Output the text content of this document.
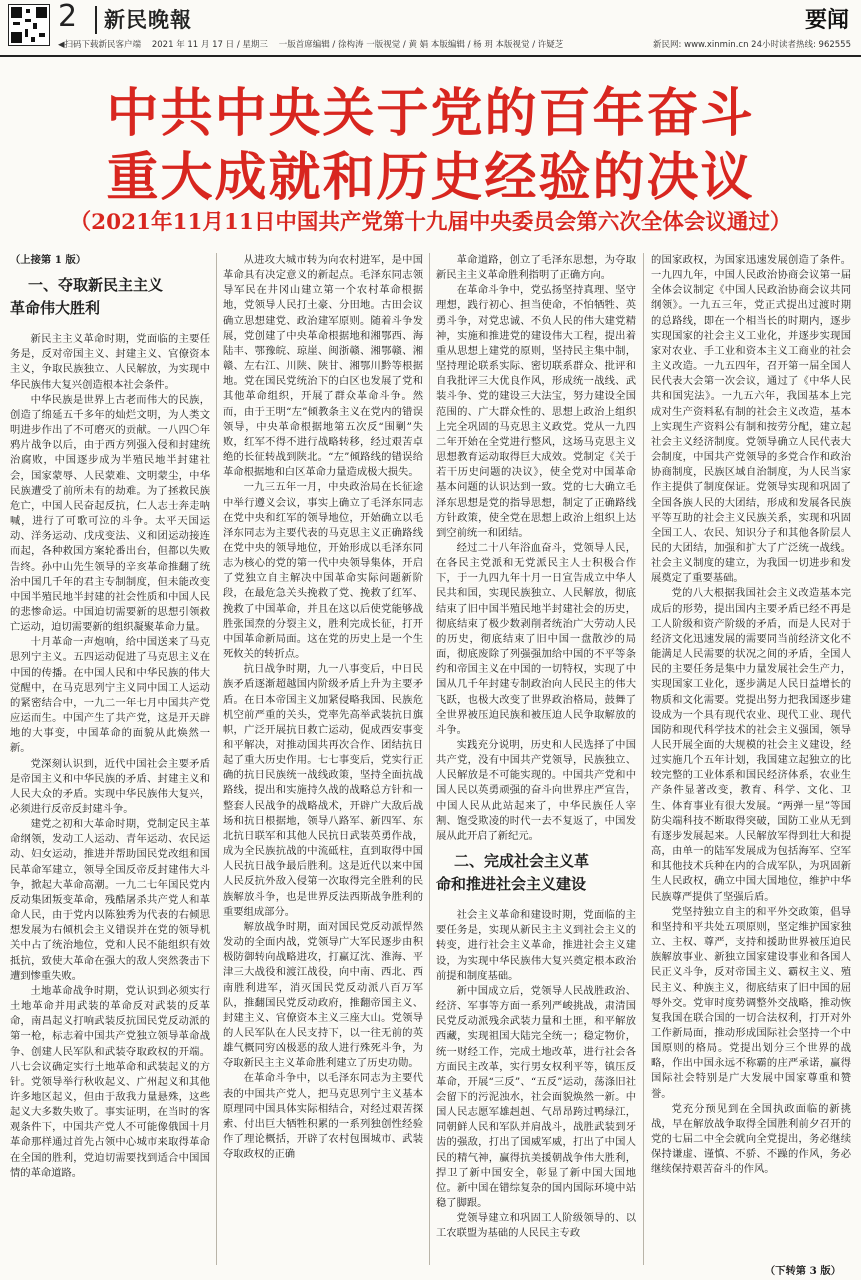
2 新民晚報	要闻
◀扫码下载新民客户端 2021 年 11 月 17 日 / 星期三 一版首席编辑 / 徐构涛 一版视觉 / 黄 娟 本版编辑 / 杨 玥 本版视觉 / 许疑芝	新民网: www.xinmin.cn 24小时读者热线: 962555
中共中央关于党的百年奋斗
重大成就和历史经验的决议
（2021年11月11日中国共产党第十九届中央委员会第六次全体会议通过）

（上接第 1 版）

一、夺取新民主主义
革命伟大胜利

新民主主义革命时期，党面临的主要任务是，反对帝国主义、封建主义、官僚资本主义，争取民族独立、人民解放，为实现中华民族伟大复兴创造根本社会条件。

中华民族是世界上古老而伟大的民族，创造了绵延五千多年的灿烂文明，为人类文明进步作出了不可磨灭的贡献。一八四〇年鸦片战争以后，由于西方列强入侵和封建统治腐败，中国逐步成为半殖民地半封建社会，国家蒙辱、人民蒙难、文明蒙尘，中华民族遭受了前所未有的劫难。为了拯救民族危亡，中国人民奋起反抗，仁人志士奔走呐喊，进行了可歌可泣的斗争。太平天国运动、洋务运动、戊戌变法、义和团运动接连而起，各种救国方案轮番出台，但都以失败告终。孙中山先生领导的辛亥革命推翻了统治中国几千年的君主专制制度，但未能改变中国半殖民地半封建的社会性质和中国人民的悲惨命运。中国迫切需要新的思想引领救亡运动，迫切需要新的组织凝聚革命力量。

十月革命一声炮响，给中国送来了马克思列宁主义。五四运动促进了马克思主义在中国的传播。在中国人民和中华民族的伟大觉醒中，在马克思列宁主义同中国工人运动的紧密结合中，一九二一年七月中国共产党应运而生。中国产生了共产党，这是开天辟地的大事变，中国革命的面貌从此焕然一新。

党深刻认识到，近代中国社会主要矛盾是帝国主义和中华民族的矛盾、封建主义和人民大众的矛盾。实现中华民族伟大复兴，必须进行反帝反封建斗争。

建党之初和大革命时期，党制定民主革命纲领，发动工人运动、青年运动、农民运动、妇女运动，推进并帮助国民党改组和国民革命军建立，领导全国反帝反封建伟大斗争，掀起大革命高潮。一九二七年国民党内反动集团叛变革命，残酷屠杀共产党人和革命人民，由于党内以陈独秀为代表的右倾思想发展为右倾机会主义错误并在党的领导机关中占了统治地位，党和人民不能组织有效抵抗，致使大革命在强大的敌人突然袭击下遭到惨重失败。

土地革命战争时期，党认识到必须实行土地革命并用武装的革命反对武装的反革命，南昌起义打响武装反抗国民党反动派的第一枪，标志着中国共产党独立领导革命战争、创建人民军队和武装夺取政权的开端。八七会议确定实行土地革命和武装起义的方针。党领导举行秋收起义、广州起义和其他许多地区起义，但由于敌我力量悬殊，这些起义大多数失败了。事实证明，在当时的客观条件下，中国共产党人不可能像俄国十月革命那样通过首先占领中心城市来取得革命在全国的胜利，党迫切需要找到适合中国国情的革命道路。

从进攻大城市转为向农村进军，是中国革命具有决定意义的新起点。毛泽东同志领导军民在井冈山建立第一个农村革命根据地，党领导人民打土豪、分田地。古田会议确立思想建党、政治建军原则。随着斗争发展，党创建了中央革命根据地和湘鄂西、海陆丰、鄂豫皖、琼崖、闽浙赣、湘鄂赣、湘赣、左右江、川陕、陕甘、湘鄂川黔等根据地。党在国民党统治下的白区也发展了党和其他革命组织，开展了群众革命斗争。然而，由于王明“左”倾教条主义在党内的错误领导，中央革命根据地第五次反“围剿”失败，红军不得不进行战略转移，经过艰苦卓绝的长征转战到陕北。“左”倾路线的错误给革命根据地和白区革命力量造成极大损失。

一九三五年一月，中央政治局在长征途中举行遵义会议，事实上确立了毛泽东同志在党中央和红军的领导地位，开始确立以毛泽东同志为主要代表的马克思主义正确路线在党中央的领导地位，开始形成以毛泽东同志为核心的党的第一代中央领导集体，开启了党独立自主解决中国革命实际问题新阶段，在最危急关头挽救了党、挽救了红军、挽救了中国革命，并且在这以后使党能够战胜张国焘的分裂主义，胜利完成长征，打开中国革命新局面。这在党的历史上是一个生死攸关的转折点。

抗日战争时期，九一八事变后，中日民族矛盾逐渐超越国内阶级矛盾上升为主要矛盾。在日本帝国主义加紧侵略我国、民族危机空前严重的关头，党率先高举武装抗日旗帜，广泛开展抗日救亡运动，促成西安事变和平解决，对推动国共再次合作、团结抗日起了重大历史作用。七七事变后，党实行正确的抗日民族统一战线政策，坚持全面抗战路线，提出和实施持久战的战略总方针和一整套人民战争的战略战术，开辟广大敌后战场和抗日根据地，领导八路军、新四军、东北抗日联军和其他人民抗日武装英勇作战，成为全民族抗战的中流砥柱，直到取得中国人民抗日战争最后胜利。这是近代以来中国人民反抗外敌入侵第一次取得完全胜利的民族解放斗争，也是世界反法西斯战争胜利的重要组成部分。

解放战争时期，面对国民党反动派悍然发动的全面内战，党领导广大军民逐步由积极防御转向战略进攻，打赢辽沈、淮海、平津三大战役和渡江战役，向中南、西北、西南胜利进军，消灭国民党反动派八百万军队，推翻国民党反动政府，推翻帝国主义、封建主义、官僚资本主义三座大山。党领导的人民军队在人民支持下，以一往无前的英雄气概同穷凶极恶的敌人进行殊死斗争，为夺取新民主主义革命胜利建立了历史功勋。

在革命斗争中，以毛泽东同志为主要代表的中国共产党人，把马克思列宁主义基本原理同中国具体实际相结合，对经过艰苦探索、付出巨大牺牲积累的一系列独创性经验作了理论概括，开辟了农村包围城市、武装夺取政权的正确

革命道路，创立了毛泽东思想，为夺取新民主主义革命胜利指明了正确方向。

在革命斗争中，党弘扬坚持真理、坚守理想，践行初心、担当使命，不怕牺牲、英勇斗争，对党忠诚、不负人民的伟大建党精神，实施和推进党的建设伟大工程，提出着重从思想上建党的原则，坚持民主集中制，坚持理论联系实际、密切联系群众、批评和自我批评三大优良作风，形成统一战线、武装斗争、党的建设三大法宝，努力建设全国范围的、广大群众性的、思想上政治上组织上完全巩固的马克思主义政党。党从一九四二年开始在全党进行整风，这场马克思主义思想教育运动取得巨大成效。党制定《关于若干历史问题的决议》，使全党对中国革命基本问题的认识达到一致。党的七大确立毛泽东思想是党的指导思想，制定了正确路线方针政策，使全党在思想上政治上组织上达到空前统一和团结。

经过二十八年浴血奋斗，党领导人民，在各民主党派和无党派民主人士积极合作下，于一九四九年十月一日宣告成立中华人民共和国，实现民族独立、人民解放，彻底结束了旧中国半殖民地半封建社会的历史，彻底结束了极少数剥削者统治广大劳动人民的历史，彻底结束了旧中国一盘散沙的局面，彻底废除了列强强加给中国的不平等条约和帝国主义在中国的一切特权，实现了中国从几千年封建专制政治向人民民主的伟大飞跃，也极大改变了世界政治格局，鼓舞了全世界被压迫民族和被压迫人民争取解放的斗争。

实践充分说明，历史和人民选择了中国共产党，没有中国共产党领导，民族独立、人民解放是不可能实现的。中国共产党和中国人民以英勇顽强的奋斗向世界庄严宣告，中国人民从此站起来了，中华民族任人宰割、饱受欺凌的时代一去不复返了，中国发展从此开启了新纪元。

二、完成社会主义革
命和推进社会主义建设

社会主义革命和建设时期，党面临的主要任务是，实现从新民主主义到社会主义的转变，进行社会主义革命，推进社会主义建设，为实现中华民族伟大复兴奠定根本政治前提和制度基础。

新中国成立后，党领导人民战胜政治、经济、军事等方面一系列严峻挑战，肃清国民党反动派残余武装力量和土匪，和平解放西藏，实现祖国大陆完全统一；稳定物价，统一财经工作，完成土地改革，进行社会各方面民主改革，实行男女权利平等，镇压反革命，开展“三反”、“五反”运动，荡涤旧社会留下的污泥浊水，社会面貌焕然一新。中国人民志愿军雄赳赳、气昂昂跨过鸭绿江，同朝鲜人民和军队并肩战斗，战胜武装到牙齿的强敌，打出了国威军威，打出了中国人民的精气神，赢得抗美援朝战争伟大胜利，捍卫了新中国安全，彰显了新中国大国地位。新中国在错综复杂的国内国际环境中站稳了脚跟。

党领导建立和巩固工人阶级领导的、以工农联盟为基础的人民民主专政

的国家政权，为国家迅速发展创造了条件。一九四九年，中国人民政治协商会议第一届全体会议制定《中国人民政治协商会议共同纲领》。一九五三年，党正式提出过渡时期的总路线，即在一个相当长的时期内，逐步实现国家的社会主义工业化，并逐步实现国家对农业、手工业和资本主义工商业的社会主义改造。一九五四年，召开第一届全国人民代表大会第一次会议，通过了《中华人民共和国宪法》。一九五六年，我国基本上完成对生产资料私有制的社会主义改造，基本上实现生产资料公有制和按劳分配，建立起社会主义经济制度。党领导确立人民代表大会制度，中国共产党领导的多党合作和政治协商制度，民族区域自治制度，为人民当家作主提供了制度保证。党领导实现和巩固了全国各族人民的大团结，形成和发展各民族平等互助的社会主义民族关系，实现和巩固全国工人、农民、知识分子和其他各阶层人民的大团结，加强和扩大了广泛统一战线。社会主义制度的建立，为我国一切进步和发展奠定了重要基础。

党的八大根据我国社会主义改造基本完成后的形势，提出国内主要矛盾已经不再是工人阶级和资产阶级的矛盾，而是人民对于经济文化迅速发展的需要同当前经济文化不能满足人民需要的状况之间的矛盾，全国人民的主要任务是集中力量发展社会生产力，实现国家工业化，逐步满足人民日益增长的物质和文化需要。党提出努力把我国逐步建设成为一个具有现代农业、现代工业、现代国防和现代科学技术的社会主义强国，领导人民开展全面的大规模的社会主义建设，经过实施几个五年计划，我国建立起独立的比较完整的工业体系和国民经济体系，农业生产条件显著改变，教育、科学、文化、卫生、体育事业有很大发展。“两弹一星”等国防尖端科技不断取得突破，国防工业从无到有逐步发展起来。人民解放军得到壮大和提高，由单一的陆军发展成为包括海军、空军和其他技术兵种在内的合成军队，为巩固新生人民政权，确立中国大国地位，维护中华民族尊严提供了坚强后盾。

党坚持独立自主的和平外交政策，倡导和坚持和平共处五项原则，坚定维护国家独立、主权、尊严，支持和援助世界被压迫民族解放事业、新独立国家建设事业和各国人民正义斗争，反对帝国主义、霸权主义、殖民主义、种族主义，彻底结束了旧中国的屈辱外交。党审时度势调整外交战略，推动恢复我国在联合国的一切合法权利，打开对外工作新局面，推动形成国际社会坚持一个中国原则的格局。党提出划分三个世界的战略，作出中国永远不称霸的庄严承诺，赢得国际社会特别是广大发展中国家尊重和赞誉。

党充分预见到在全国执政面临的新挑战，早在解放战争取得全国胜利前夕召开的党的七届二中全会就向全党提出，务必继续保持谦虚、谨慎、不骄、不躁的作风，务必继续保持艰苦奋斗的作风。

（下转第 3 版）
